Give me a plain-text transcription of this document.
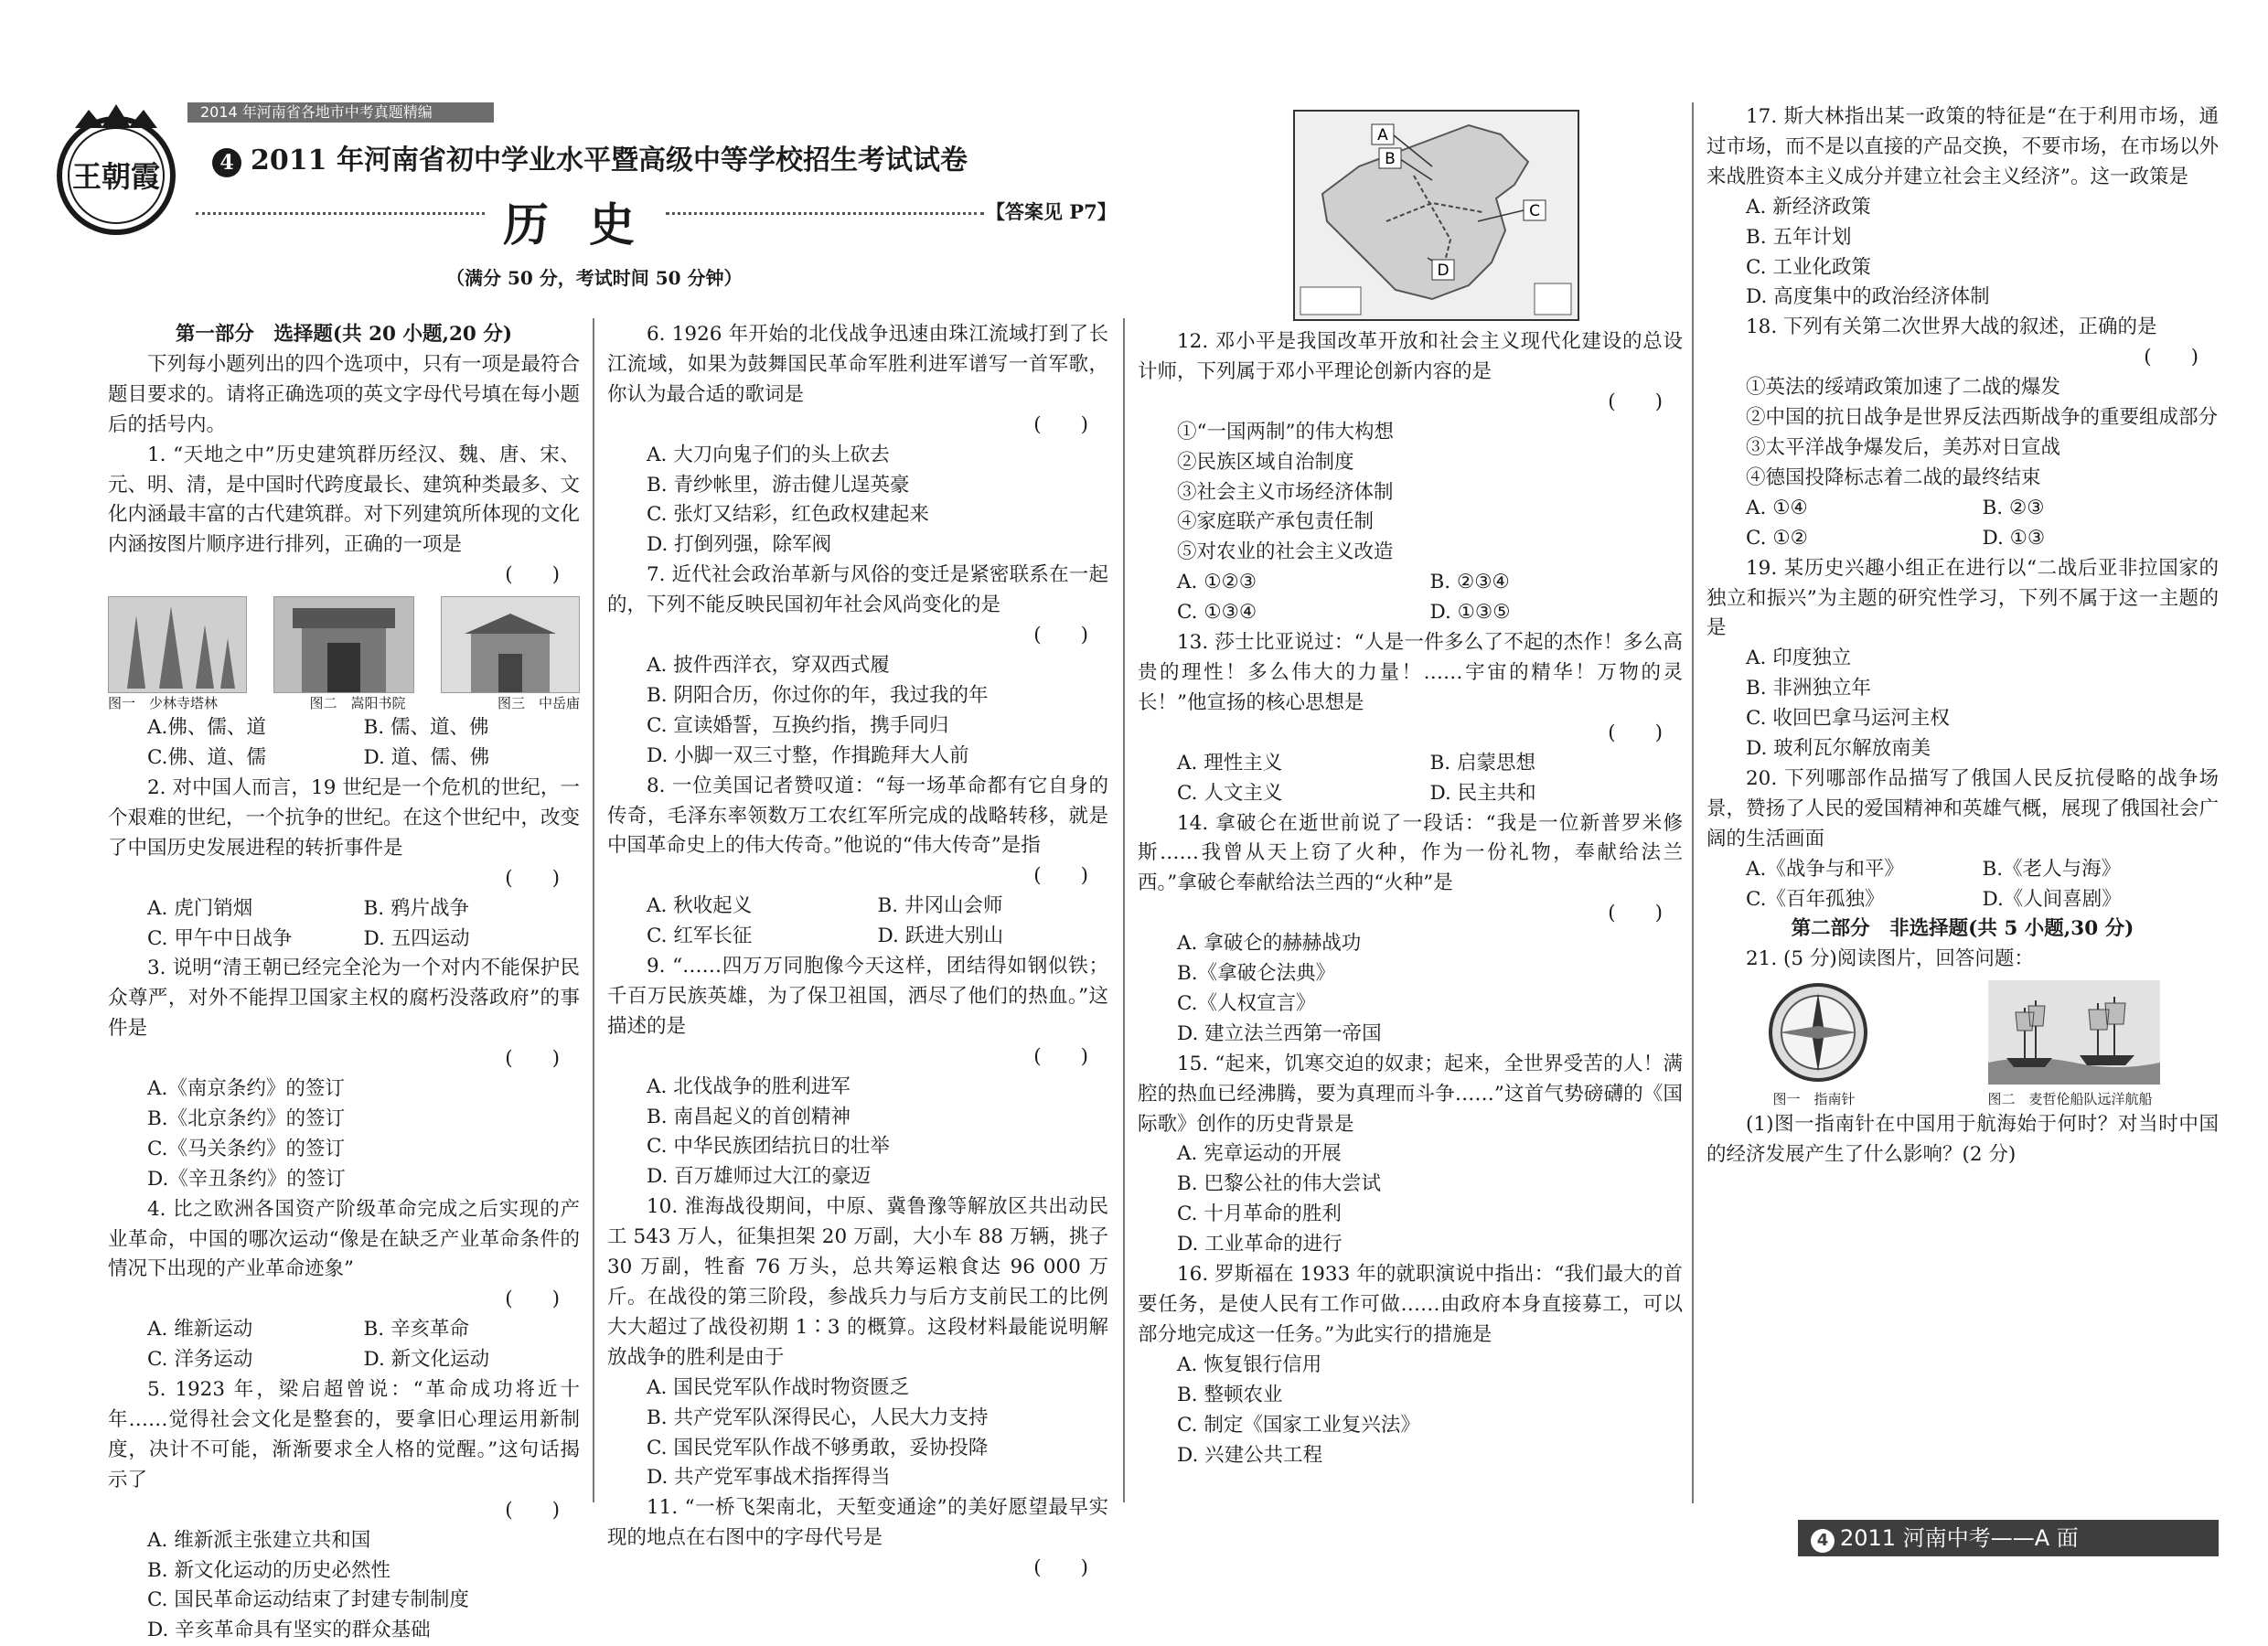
2014 年河南省各地市中考真题精编
王朝霞	4 2011 年河南省初中学业水平暨高级中等学校招生考试试卷
历史	【答案见 P7】
（满分 50 分，考试时间 50 分钟）

第一部分　选择题(共 20 小题,20 分)

下列每小题列出的四个选项中，只有一项是最符合题目要求的。请将正确选项的英文字母代号填在每小题后的括号内。

1. “天地之中”历史建筑群历经汉、魏、唐、宋、元、明、清，是中国时代跨度最长、建筑种类最多、文化内涵最丰富的古代建筑群。对下列建筑所体现的文化内涵按图片顺序进行排列，正确的一项是

(　　)
图一　少林寺塔林	图二　嵩阳书院	图三　中岳庙
A.佛、儒、道	B. 儒、道、佛
C.佛、道、儒	D. 道、儒、佛

2. 对中国人而言，19 世纪是一个危机的世纪，一个艰难的世纪，一个抗争的世纪。在这个世纪中，改变了中国历史发展进程的转折事件是

(　　)
A. 虎门销烟	B. 鸦片战争
C. 甲午中日战争	D. 五四运动

3. 说明“清王朝已经完全沦为一个对内不能保护民众尊严，对外不能捍卫国家主权的腐朽没落政府”的事件是

(　　)

A.《南京条约》的签订

B.《北京条约》的签订

C.《马关条约》的签订

D.《辛丑条约》的签订

4. 比之欧洲各国资产阶级革命完成之后实现的产业革命，中国的哪次运动“像是在缺乏产业革命条件的情况下出现的产业革命迹象”

(　　)
A. 维新运动	B. 辛亥革命
C. 洋务运动	D. 新文化运动

5. 1923 年，梁启超曾说：“革命成功将近十年……觉得社会文化是整套的，要拿旧心理运用新制度，决计不可能，渐渐要求全人格的觉醒。”这句话揭示了

(　　)

A. 维新派主张建立共和国

B. 新文化运动的历史必然性

C. 国民革命运动结束了封建专制制度

D. 辛亥革命具有坚实的群众基础

6. 1926 年开始的北伐战争迅速由珠江流域打到了长江流域，如果为鼓舞国民革命军胜利进军谱写一首军歌，你认为最合适的歌词是

(　　)

A. 大刀向鬼子们的头上砍去

B. 青纱帐里，游击健儿逞英豪

C. 张灯又结彩，红色政权建起来

D. 打倒列强，除军阀

7. 近代社会政治革新与风俗的变迁是紧密联系在一起的，下列不能反映民国初年社会风尚变化的是

(　　)

A. 披件西洋衣，穿双西式履

B. 阴阳合历，你过你的年，我过我的年

C. 宣读婚誓，互换约指，携手同归

D. 小脚一双三寸整，作揖跪拜大人前

8. 一位美国记者赞叹道：“每一场革命都有它自身的传奇，毛泽东率领数万工农红军所完成的战略转移，就是中国革命史上的伟大传奇。”他说的“伟大传奇”是指

(　　)
A. 秋收起义	B. 井冈山会师
C. 红军长征	D. 跃进大别山

9. “……四万万同胞像今天这样，团结得如钢似铁；千百万民族英雄，为了保卫祖国，洒尽了他们的热血。”这描述的是

(　　)

A. 北伐战争的胜利进军

B. 南昌起义的首创精神

C. 中华民族团结抗日的壮举

D. 百万雄师过大江的豪迈

10. 淮海战役期间，中原、冀鲁豫等解放区共出动民工 543 万人，征集担架 20 万副，大小车 88 万辆，挑子 30 万副，牲畜 76 万头，总共筹运粮食达 96 000 万斤。在战役的第三阶段，参战兵力与后方支前民工的比例大大超过了战役初期 1∶3 的概算。这段材料最能说明解放战争的胜利是由于

A. 国民党军队作战时物资匮乏

B. 共产党军队深得民心，人民大力支持

C. 国民党军队作战不够勇敢，妥协投降

D. 共产党军事战术指挥得当

11. “一桥飞架南北，天堑变通途”的美好愿望最早实现的地点在右图中的字母代号是

(　　)
A
B
C
D

12. 邓小平是我国改革开放和社会主义现代化建设的总设计师，下列属于邓小平理论创新内容的是

(　　)

①“一国两制”的伟大构想

②民族区域自治制度

③社会主义市场经济体制

④家庭联产承包责任制

⑤对农业的社会主义改造

A. ①②③	B. ②③④
C. ①③④	D. ①③⑤

13. 莎士比亚说过：“人是一件多么了不起的杰作！多么高贵的理性！多么伟大的力量！……宇宙的精华！万物的灵长！”他宣扬的核心思想是

(　　)
A. 理性主义	B. 启蒙思想
C. 人文主义	D. 民主共和

14. 拿破仑在逝世前说了一段话：“我是一位新普罗米修斯……我曾从天上窃了火种，作为一份礼物，奉献给法兰西。”拿破仑奉献给法兰西的“火种”是

(　　)

A. 拿破仑的赫赫战功

B.《拿破仑法典》

C.《人权宣言》

D. 建立法兰西第一帝国

15. “起来，饥寒交迫的奴隶；起来，全世界受苦的人！满腔的热血已经沸腾，要为真理而斗争……”这首气势磅礴的《国际歌》创作的历史背景是

A. 宪章运动的开展

B. 巴黎公社的伟大尝试

C. 十月革命的胜利

D. 工业革命的进行

16. 罗斯福在 1933 年的就职演说中指出：“我们最大的首要任务，是使人民有工作可做……由政府本身直接募工，可以部分地完成这一任务。”为此实行的措施是

A. 恢复银行信用

B. 整顿农业

C. 制定《国家工业复兴法》

D. 兴建公共工程

17. 斯大林指出某一政策的特征是“在于利用市场，通过市场，而不是以直接的产品交换，不要市场，在市场以外来战胜资本主义成分并建立社会主义经济”。这一政策是

A. 新经济政策

B. 五年计划

C. 工业化政策

D. 高度集中的政治经济体制

18. 下列有关第二次世界大战的叙述，正确的是

(　　)

①英法的绥靖政策加速了二战的爆发

②中国的抗日战争是世界反法西斯战争的重要组成部分

③太平洋战争爆发后，美苏对日宣战

④德国投降标志着二战的最终结束

A. ①④	B. ②③
C. ①②	D. ①③

19. 某历史兴趣小组正在进行以“二战后亚非拉国家的独立和振兴”为主题的研究性学习，下列不属于这一主题的是

A. 印度独立

B. 非洲独立年

C. 收回巴拿马运河主权

D. 玻利瓦尔解放南美

20. 下列哪部作品描写了俄国人民反抗侵略的战争场景，赞扬了人民的爱国精神和英雄气概，展现了俄国社会广阔的生活画面

A.《战争与和平》	B.《老人与海》
C.《百年孤独》	D.《人间喜剧》

第二部分　非选择题(共 5 小题,30 分)

21. (5 分)阅读图片，回答问题：

图一　指南针	图二　麦哲伦船队远洋航船

(1)图一指南针在中国用于航海始于何时？对当时中国的经济发展产生了什么影响？(2 分)

4 2011 河南中考——A 面
